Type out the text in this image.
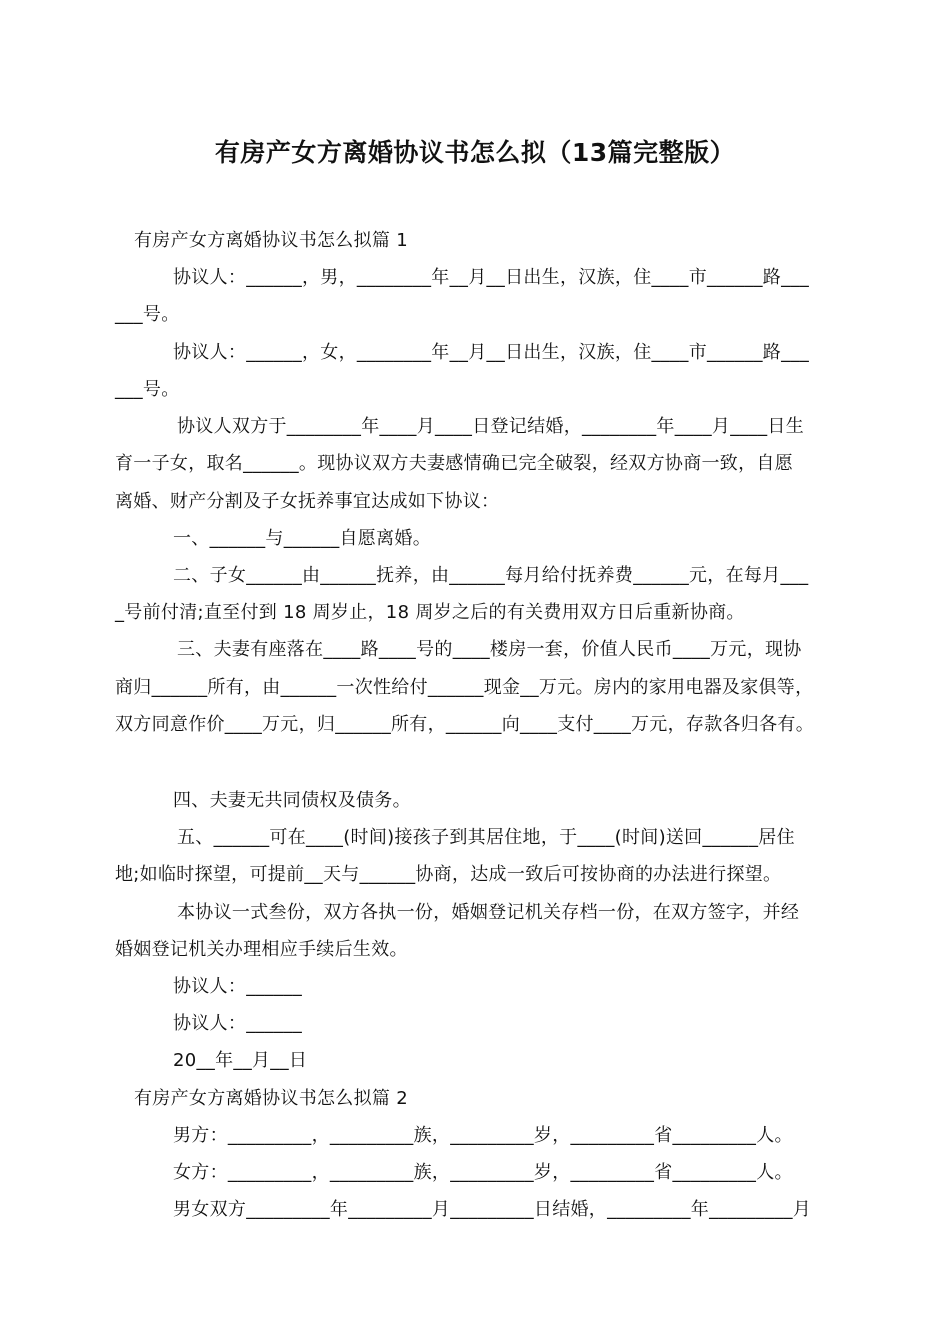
有房产女方离婚协议书怎么拟（13篇完整版）
有房产女方离婚协议书怎么拟篇 1
协议人：______，男，________年__月__日出生，汉族，住____市______路___
___号。
协议人：______，女，________年__月__日出生，汉族，住____市______路___
___号。
协议人双方于________年____月____日登记结婚，________年____月____日生
育一子女，取名______。现协议双方夫妻感情确已完全破裂，经双方协商一致，自愿
离婚、财产分割及子女抚养事宜达成如下协议：
一、______与______自愿离婚。
二、子女______由______抚养，由______每月给付抚养费______元，在每月___
_号前付清;直至付到 18 周岁止，18 周岁之后的有关费用双方日后重新协商。
三、夫妻有座落在____路____号的____楼房一套，价值人民币____万元，现协
商归______所有，由______一次性给付______现金__万元。房内的家用电器及家俱等，
双方同意作价____万元，归______所有，______向____支付____万元，存款各归各有。
四、夫妻无共同债权及债务。
五、______可在____(时间)接孩子到其居住地，于____(时间)送回______居住
地;如临时探望，可提前__天与______协商，达成一致后可按协商的办法进行探望。
本协议一式叁份，双方各执一份，婚姻登记机关存档一份，在双方签字，并经
婚姻登记机关办理相应手续后生效。
协议人：______
协议人：______
20__年__月__日
有房产女方离婚协议书怎么拟篇 2
男方：_________，_________族，_________岁，_________省_________人。
女方：_________，_________族，_________岁，_________省_________人。
男女双方_________年_________月_________日结婚，_________年_________月
